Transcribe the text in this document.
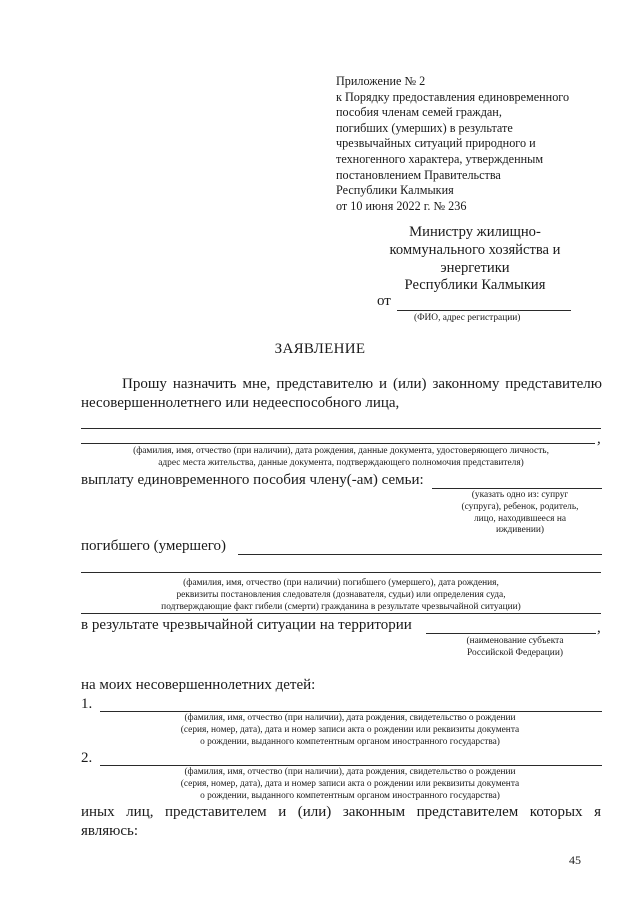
Приложение № 2
к Порядку предоставления единовременного
пособия членам семей граждан,
погибших (умерших) в результате
чрезвычайных ситуаций природного и
техногенного характера, утвержденным
постановлением Правительства
Республики Калмыкия
от 10 июня 2022 г. № 236
Министру жилищно-
коммунального хозяйства и
энергетики
Республики Калмыкия
от
(ФИО, адрес регистрации)
ЗАЯВЛЕНИЕ
Прошу назначить мне, представителю и (или) законному представителю
несовершеннолетнего или недееспособного лица,
,
(фамилия, имя, отчество (при наличии), дата рождения, данные документа, удостоверяющего личность,
адрес места жительства, данные документа, подтверждающего полномочия представителя)
выплату единовременного пособия члену(-ам) семьи:
(указать одно из: супруг
(супруга), ребенок, родитель,
лицо, находившееся на
иждивении)
погибшего (умершего)
(фамилия, имя, отчество (при наличии) погибшего (умершего), дата рождения,
реквизиты постановления следователя (дознавателя, судьи) или определения суда,
подтверждающие факт гибели (смерти) гражданина в результате чрезвычайной ситуации)
в результате чрезвычайной ситуации на территории	,
(наименование субъекта
Российской Федерации)
на моих несовершеннолетних детей:
1.
(фамилия, имя, отчество (при наличии), дата рождения, свидетельство о рождении
(серия, номер, дата), дата и номер записи акта о рождении или реквизиты документа
о рождении, выданного компетентным органом иностранного государства)
2.
(фамилия, имя, отчество (при наличии), дата рождения, свидетельство о рождении
(серия, номер, дата), дата и номер записи акта о рождении или реквизиты документа
о рождении, выданного компетентным органом иностранного государства)
иных лиц, представителем и (или) законным представителем которых я
являюсь:
45
